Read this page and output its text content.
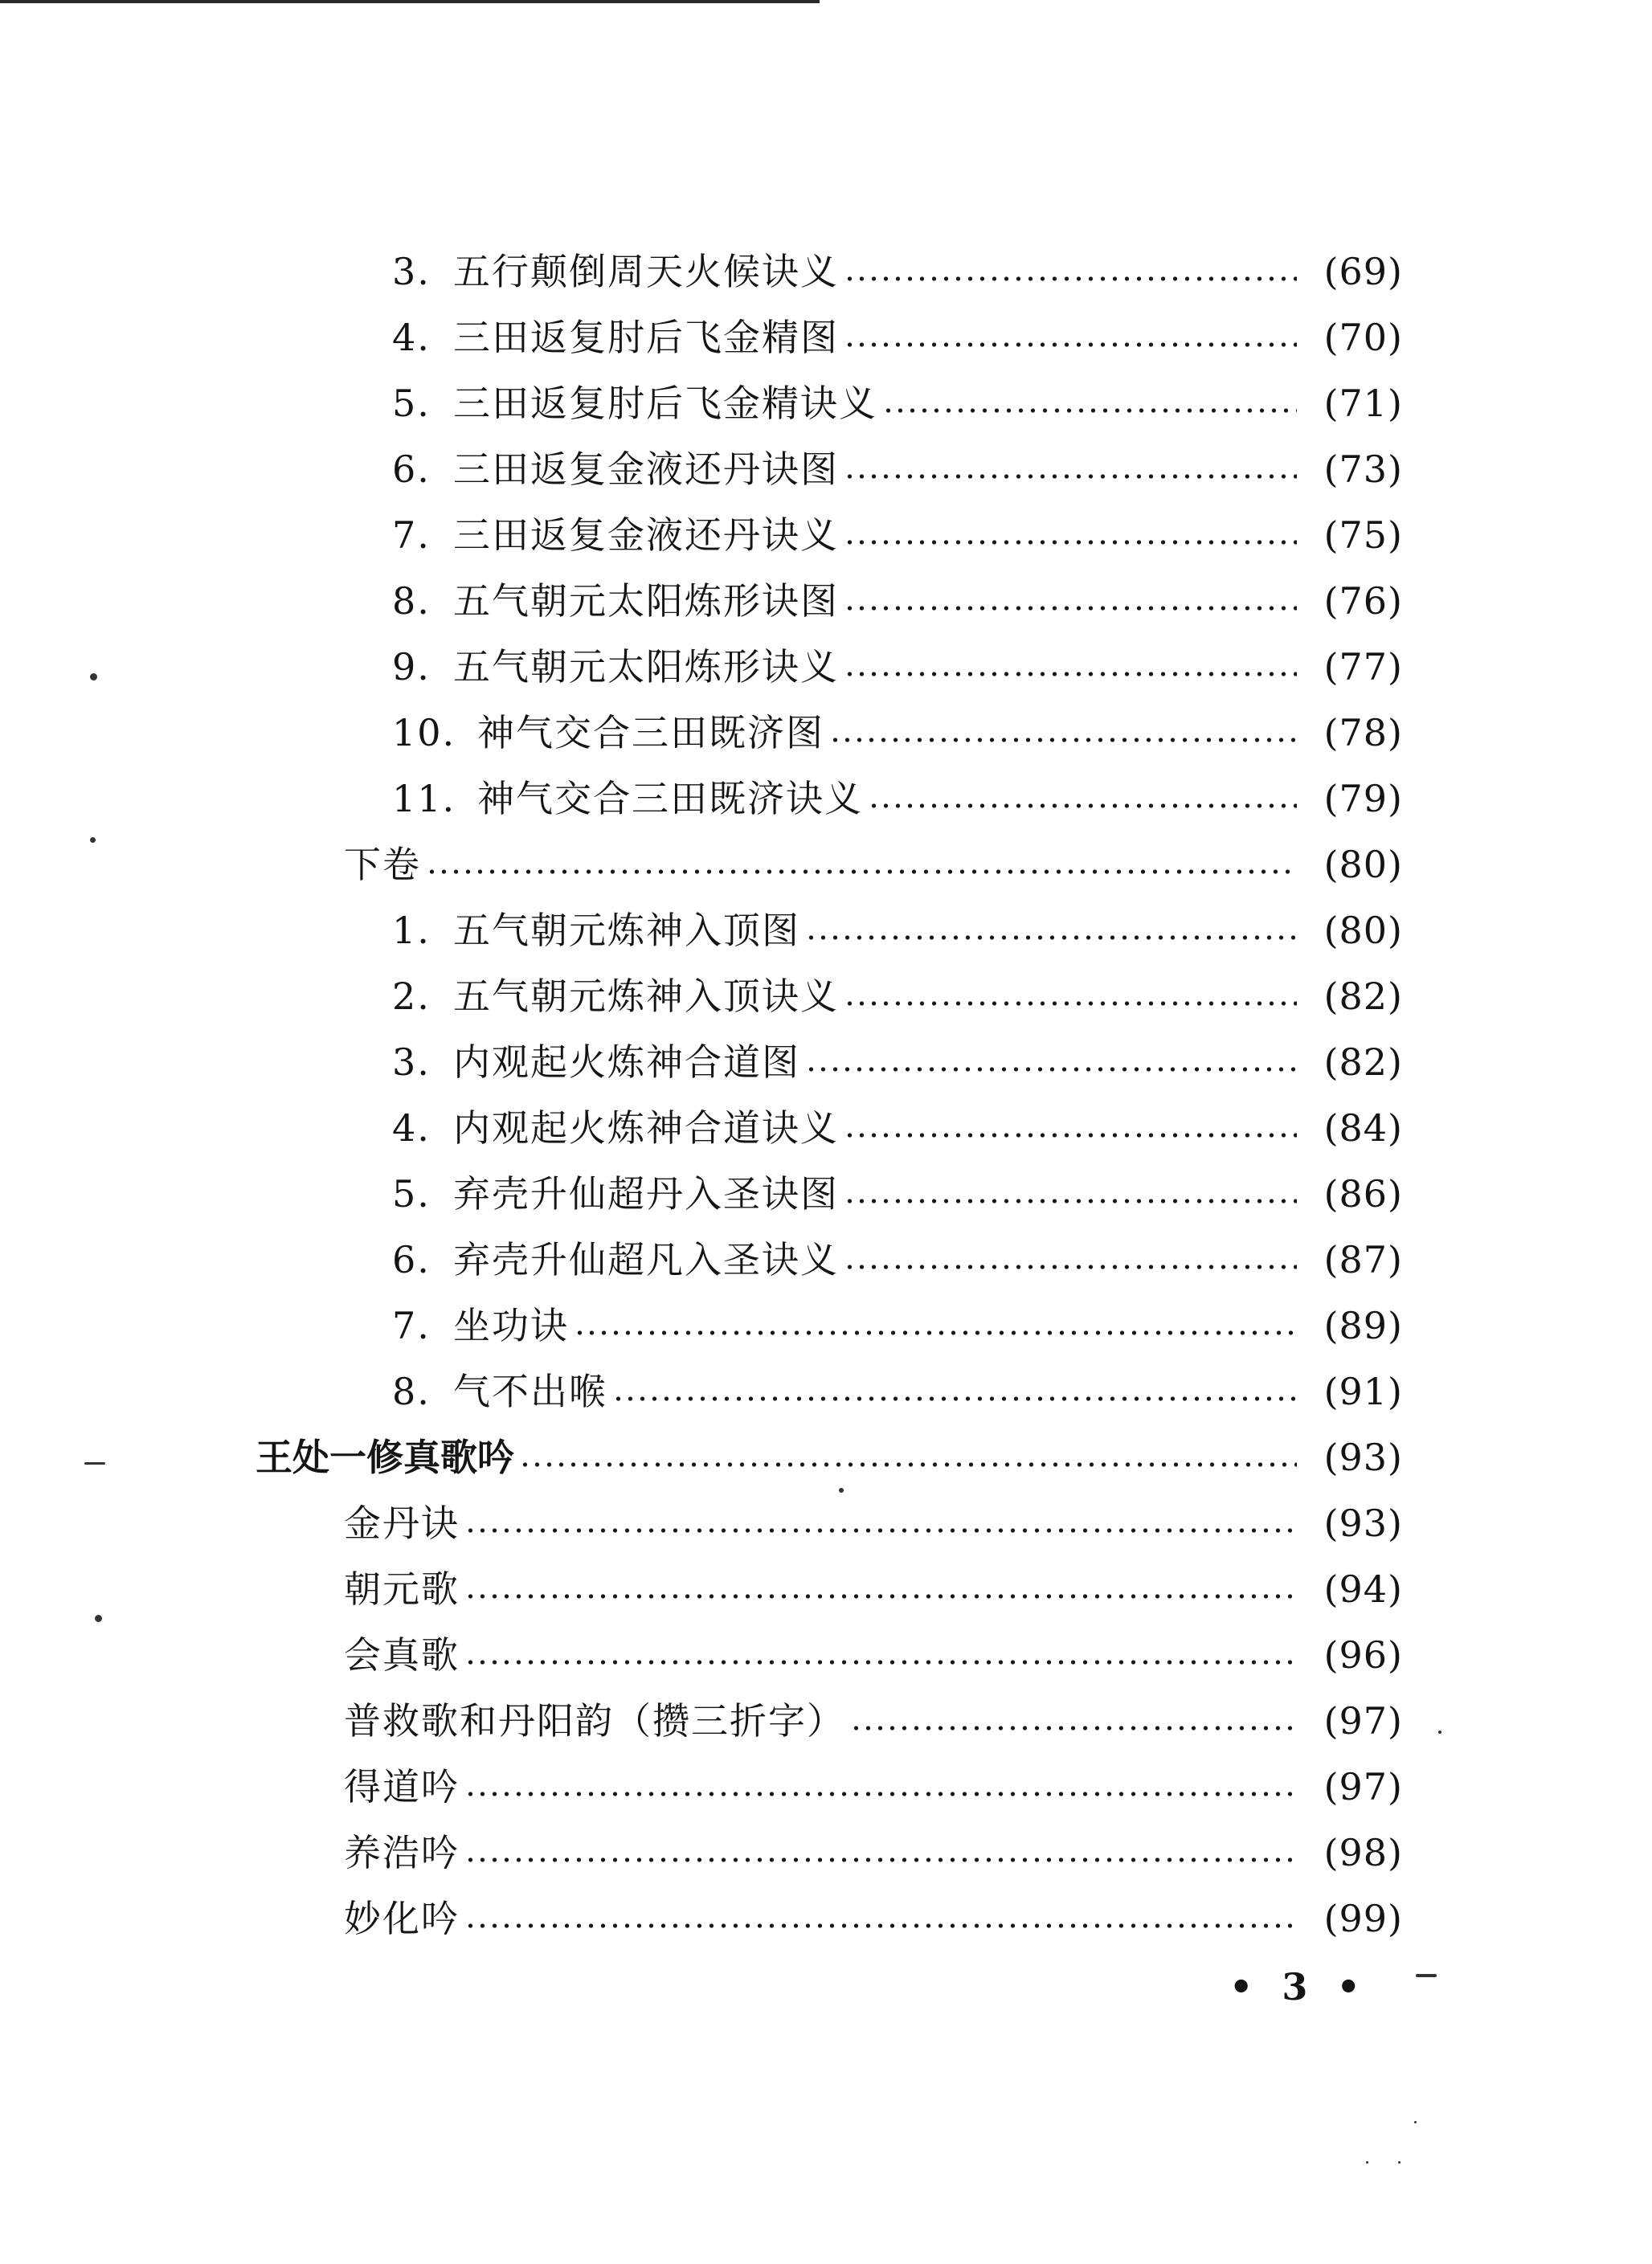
3. 五行颠倒周天火候诀义	(69)
4. 三田返复肘后飞金精图	(70)
5. 三田返复肘后飞金精诀义	(71)
6. 三田返复金液还丹诀图	(73)
7. 三田返复金液还丹诀义	(75)
8. 五气朝元太阳炼形诀图	(76)
9. 五气朝元太阳炼形诀义	(77)
10. 神气交合三田既济图	(78)
11. 神气交合三田既济诀义	(79)
下卷	(80)
1. 五气朝元炼神入顶图	(80)
2. 五气朝元炼神入顶诀义	(82)
3. 内观起火炼神合道图	(82)
4. 内观起火炼神合道诀义	(84)
5. 弃壳升仙超丹入圣诀图	(86)
6. 弃壳升仙超凡入圣诀义	(87)
7. 坐功诀	(89)
8. 气不出喉	(91)
王处一修真歌吟	(93)
金丹诀	(93)
朝元歌	(94)
会真歌	(96)
普救歌和丹阳韵（攒三折字）	(97)
得道吟	(97)
养浩吟	(98)
妙化吟	(99)
• 3 •
